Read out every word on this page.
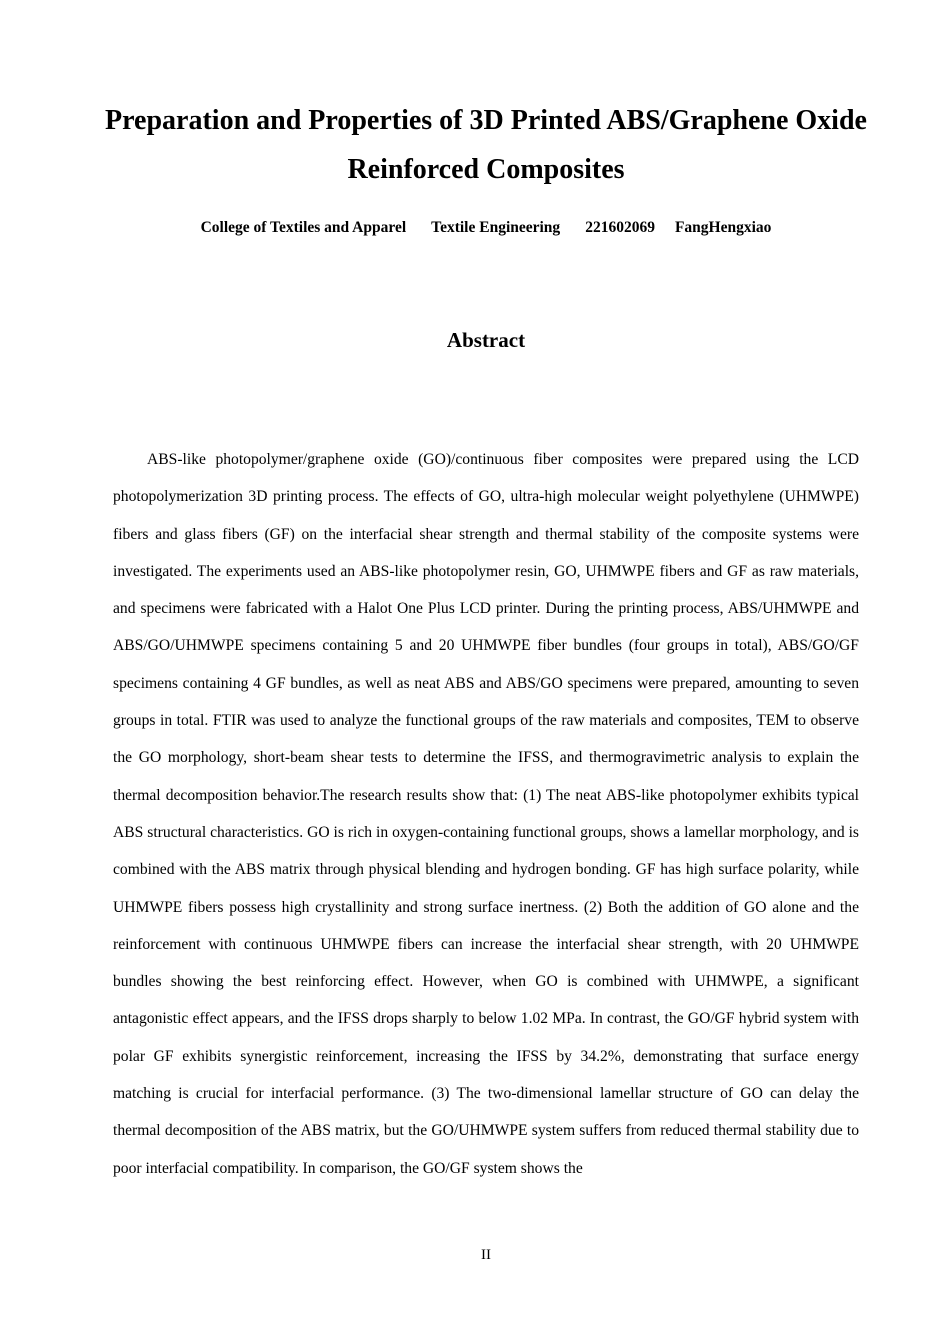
Preparation and Properties of 3D Printed ABS/Graphene Oxide Reinforced Composites
College of Textiles and Apparel Textile Engineering 221602069 FangHengxiao
Abstract

ABS-like photopolymer/graphene oxide (GO)/continuous fiber composites were prepared using the LCD photopolymerization 3D printing process. The effects of GO, ultra-high molecular weight polyethylene (UHMWPE) fibers and glass fibers (GF) on the interfacial shear strength and thermal stability of the composite systems were investigated. The experiments used an ABS-like photopolymer resin, GO, UHMWPE fibers and GF as raw materials, and specimens were fabricated with a Halot One Plus LCD printer. During the printing process, ABS/UHMWPE and ABS/GO/UHMWPE specimens containing 5 and 20 UHMWPE fiber bundles (four groups in total), ABS/GO/GF specimens containing 4 GF bundles, as well as neat ABS and ABS/GO specimens were prepared, amounting to seven groups in total. FTIR was used to analyze the functional groups of the raw materials and composites, TEM to observe the GO morphology, short-beam shear tests to determine the IFSS, and thermogravimetric analysis to explain the thermal decomposition behavior.The research results show that: (1) The neat ABS-like photopolymer exhibits typical ABS structural characteristics. GO is rich in oxygen-containing functional groups, shows a lamellar morphology, and is combined with the ABS matrix through physical blending and hydrogen bonding. GF has high surface polarity, while UHMWPE fibers possess high crystallinity and strong surface inertness. (2) Both the addition of GO alone and the reinforcement with continuous UHMWPE fibers can increase the interfacial shear strength, with 20 UHMWPE bundles showing the best reinforcing effect. However, when GO is combined with UHMWPE, a significant antagonistic effect appears, and the IFSS drops sharply to below 1.02 MPa. In contrast, the GO/GF hybrid system with polar GF exhibits synergistic reinforcement, increasing the IFSS by 34.2%, demonstrating that surface energy matching is crucial for interfacial performance. (3) The two-dimensional lamellar structure of GO can delay the thermal decomposition of the ABS matrix, but the GO/UHMWPE system suffers from reduced thermal stability due to poor interfacial compatibility. In comparison, the GO/GF system shows the

II
